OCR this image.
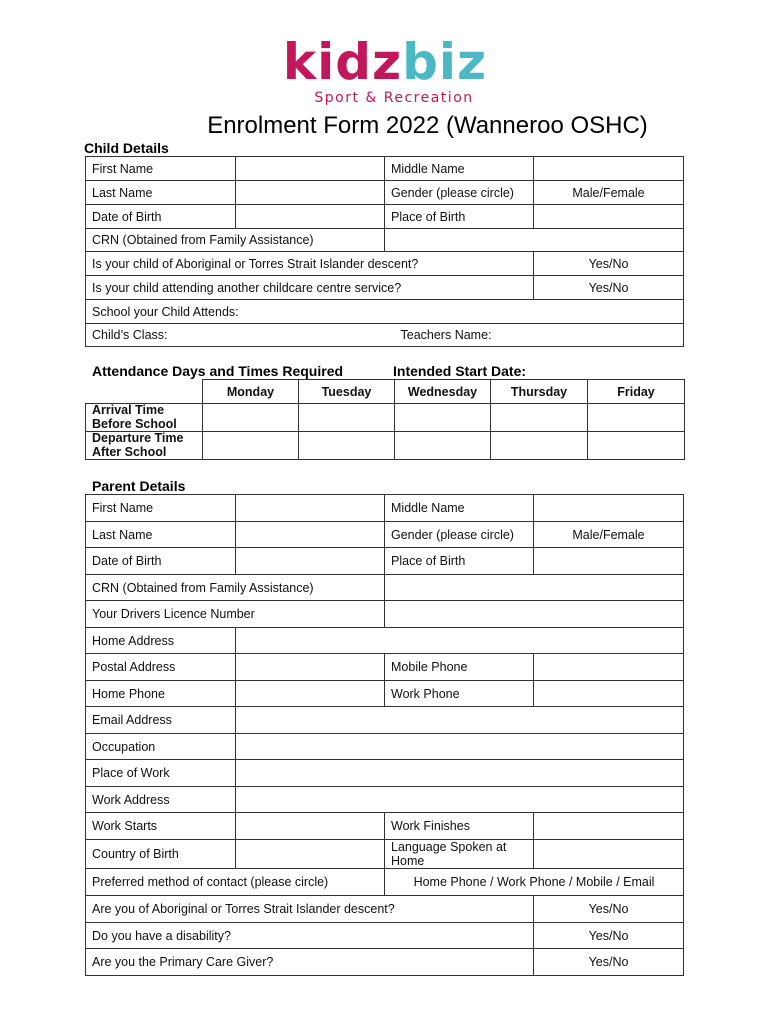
kidzbiz
Sport & Recreation
Enrolment Form 2022 (Wanneroo OSHC)
Child Details
First Name		Middle Name	
Last Name		Gender (please circle)	Male/Female
Date of Birth		Place of Birth	
CRN (Obtained from Family Assistance)			
Is your child of Aboriginal or Torres Strait Islander descent?			Yes/No
Is your child attending another childcare centre service?			Yes/No
School your Child Attends:			
Child’s Class:		Teachers Name:	
Attendance Days and Times Required	Intended Start Date:
	Monday	Tuesday	Wednesday	Thursday	Friday
Arrival Time Before School					
Departure Time After School					
Parent Details
First Name		Middle Name	
Last Name		Gender (please circle)	Male/Female
Date of Birth		Place of Birth	
CRN (Obtained from Family Assistance)			
Your Drivers Licence Number			
Home Address			
Postal Address		Mobile Phone	
Home Phone		Work Phone	
Email Address			
Occupation			
Place of Work			
Work Address			
Work Starts		Work Finishes	
Country of Birth		Language Spoken at Home	
Preferred method of contact (please circle)		Home Phone / Work Phone / Mobile / Email	
Are you of Aboriginal or Torres Strait Islander descent?			Yes/No
Do you have a disability?			Yes/No
Are you the Primary Care Giver?			Yes/No
